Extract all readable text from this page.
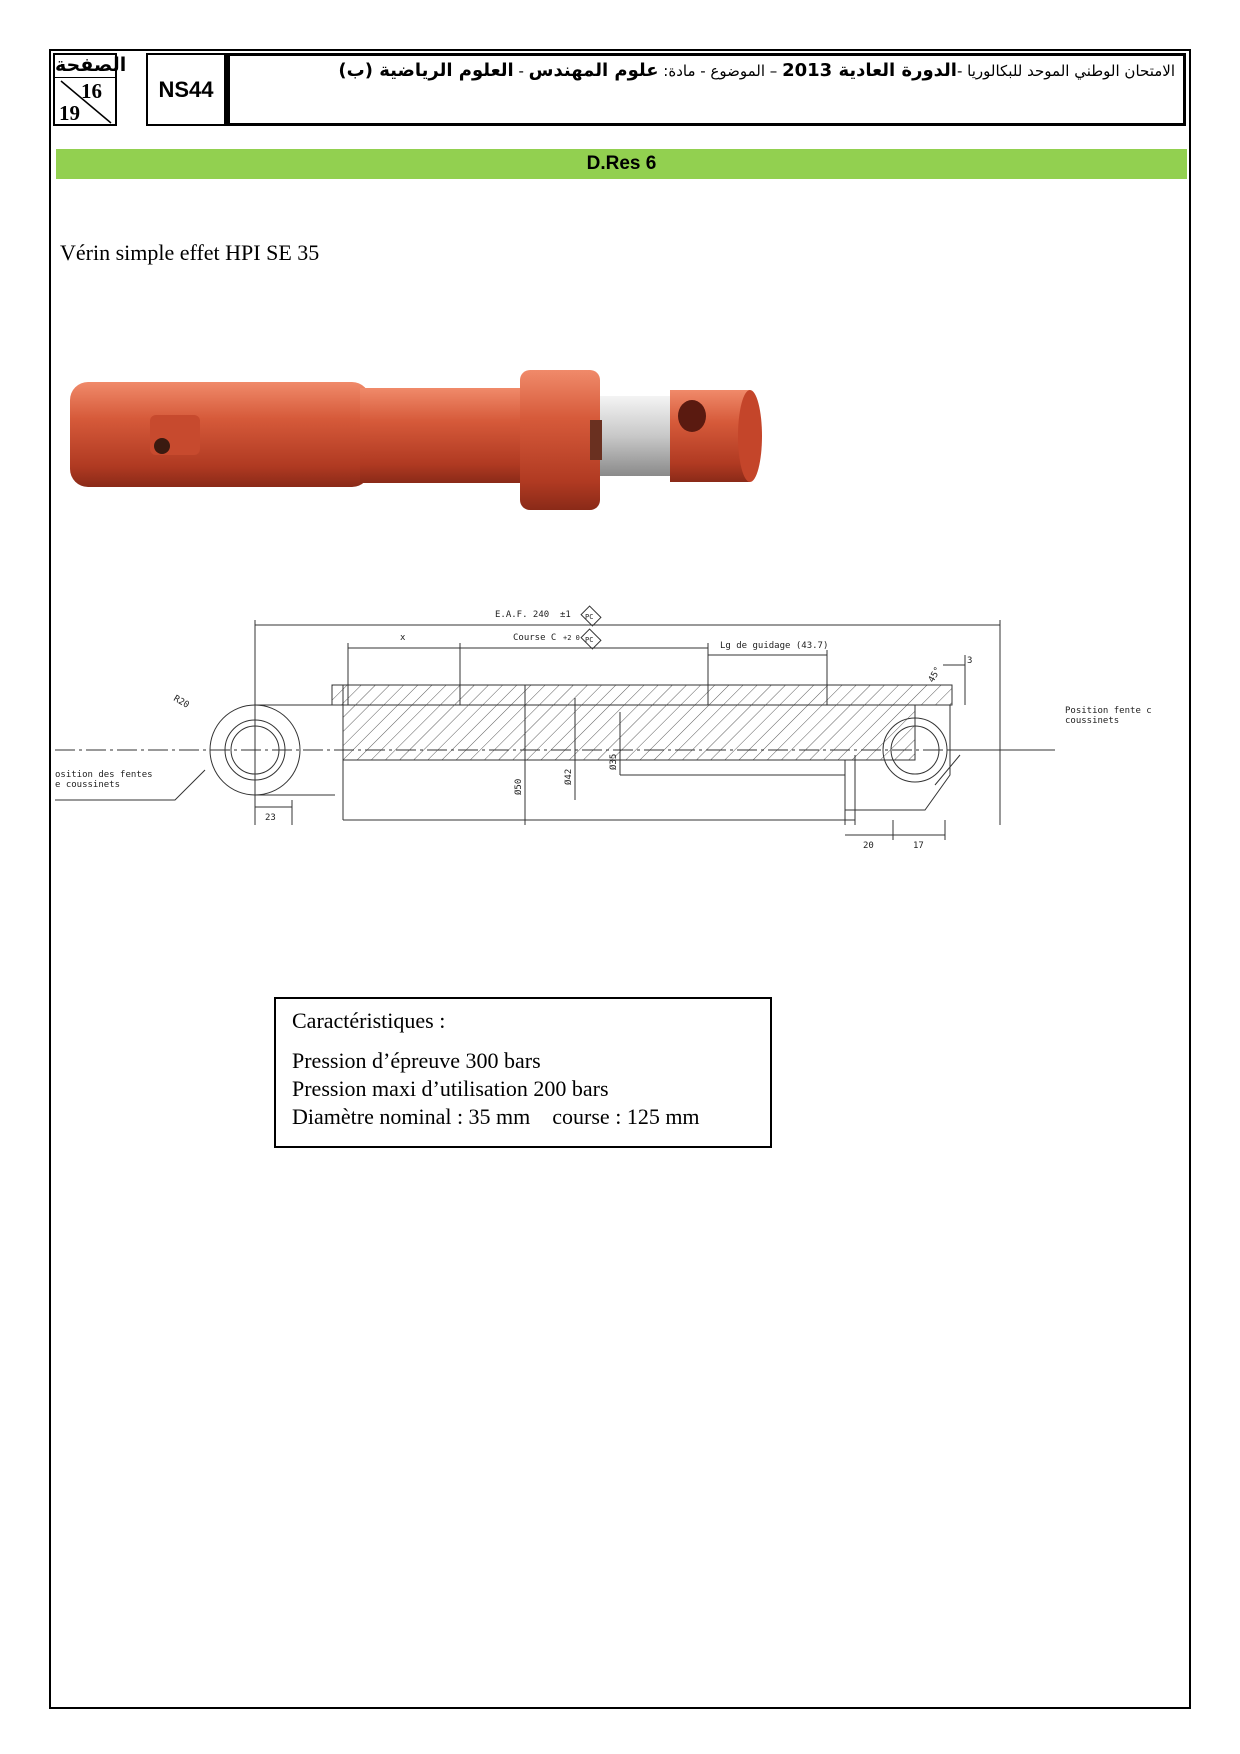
الصفحة
16
19
NS44
الامتحان الوطني الموحد للبكالوريا -الدورة العادية 2013 – الموضوع - مادة: علوم المهندس - العلوم الرياضية (ب)
D.Res 6
Vérin simple effet HPI SE 35
E.A.F. 240 ±1 PC
PC
x	Course C +2 0
Lg de guidage (43.7)
R20
Ø50
Ø42
Ø35
23
20	17
3
45°
osition des fentes
e coussinets
Position fente c
coussinets
Caractéristiques :
Pression d’épreuve 300 bars
Pression maxi d’utilisation 200 bars
Diamètre nominal : 35 mm    course : 125 mm
